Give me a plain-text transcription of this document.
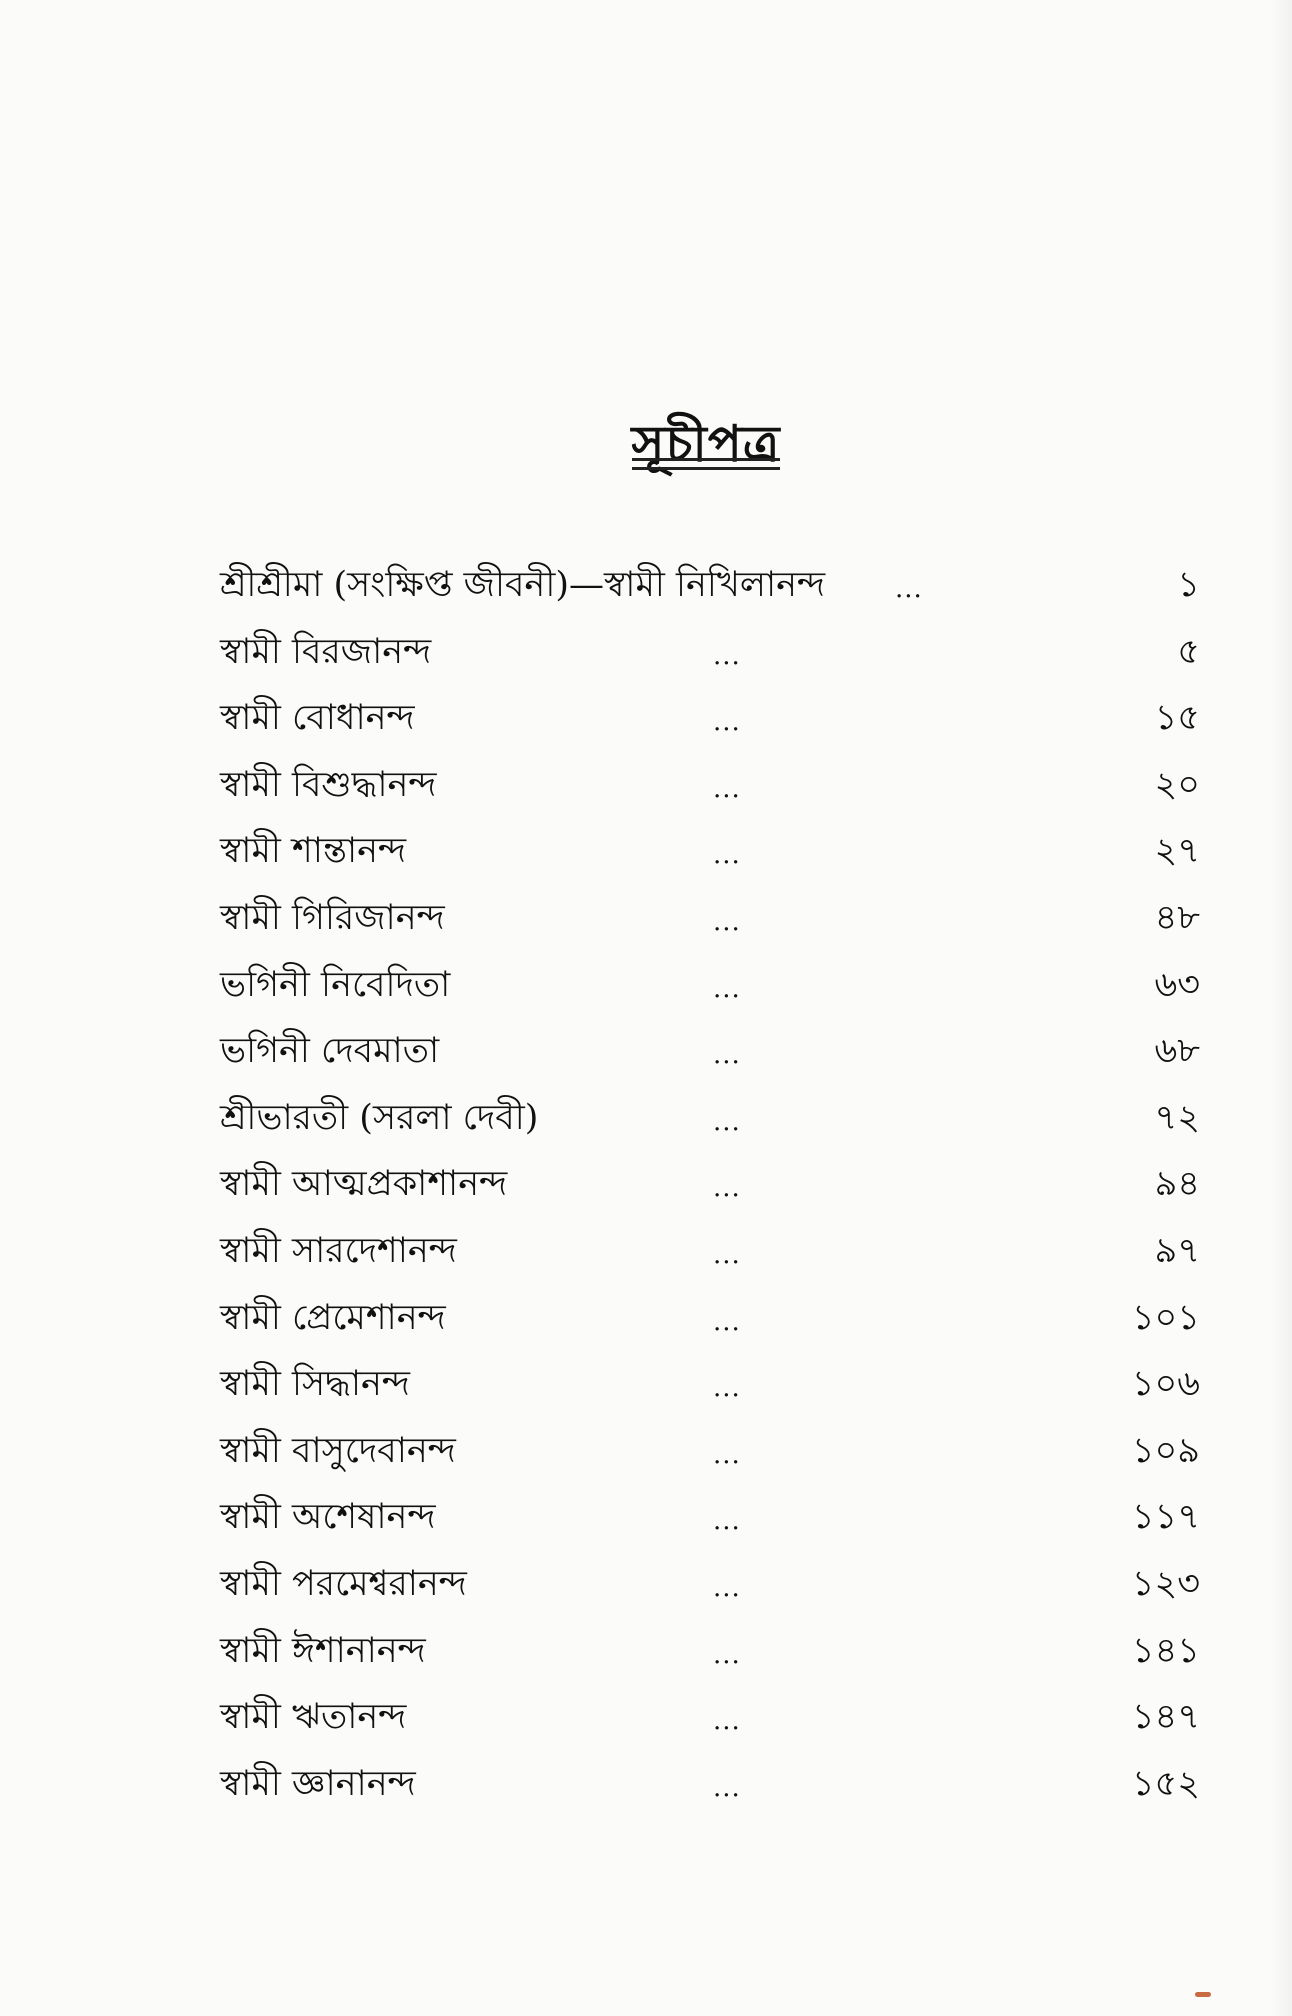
সূচীপত্র
শ্রীশ্রীমা (সংক্ষিপ্ত জীবনী)—স্বামী নিখিলানন্দ	...	১
স্বামী বিরজানন্দ	...	৫
স্বামী বোধানন্দ	...	১৫
স্বামী বিশুদ্ধানন্দ	...	২০
স্বামী শান্তানন্দ	...	২৭
স্বামী গিরিজানন্দ	...	৪৮
ভগিনী নিবেদিতা	...	৬৩
ভগিনী দেবমাতা	...	৬৮
শ্রীভারতী (সরলা দেবী)	...	৭২
স্বামী আত্মপ্রকাশানন্দ	...	৯৪
স্বামী সারদেশানন্দ	...	৯৭
স্বামী প্রেমেশানন্দ	...	১০১
স্বামী সিদ্ধানন্দ	...	১০৬
স্বামী বাসুদেবানন্দ	...	১০৯
স্বামী অশেষানন্দ	...	১১৭
স্বামী পরমেশ্বরানন্দ	...	১২৩
স্বামী ঈশানানন্দ	...	১৪১
স্বামী ঋতানন্দ	...	১৪৭
স্বামী জ্ঞানানন্দ	...	১৫২
